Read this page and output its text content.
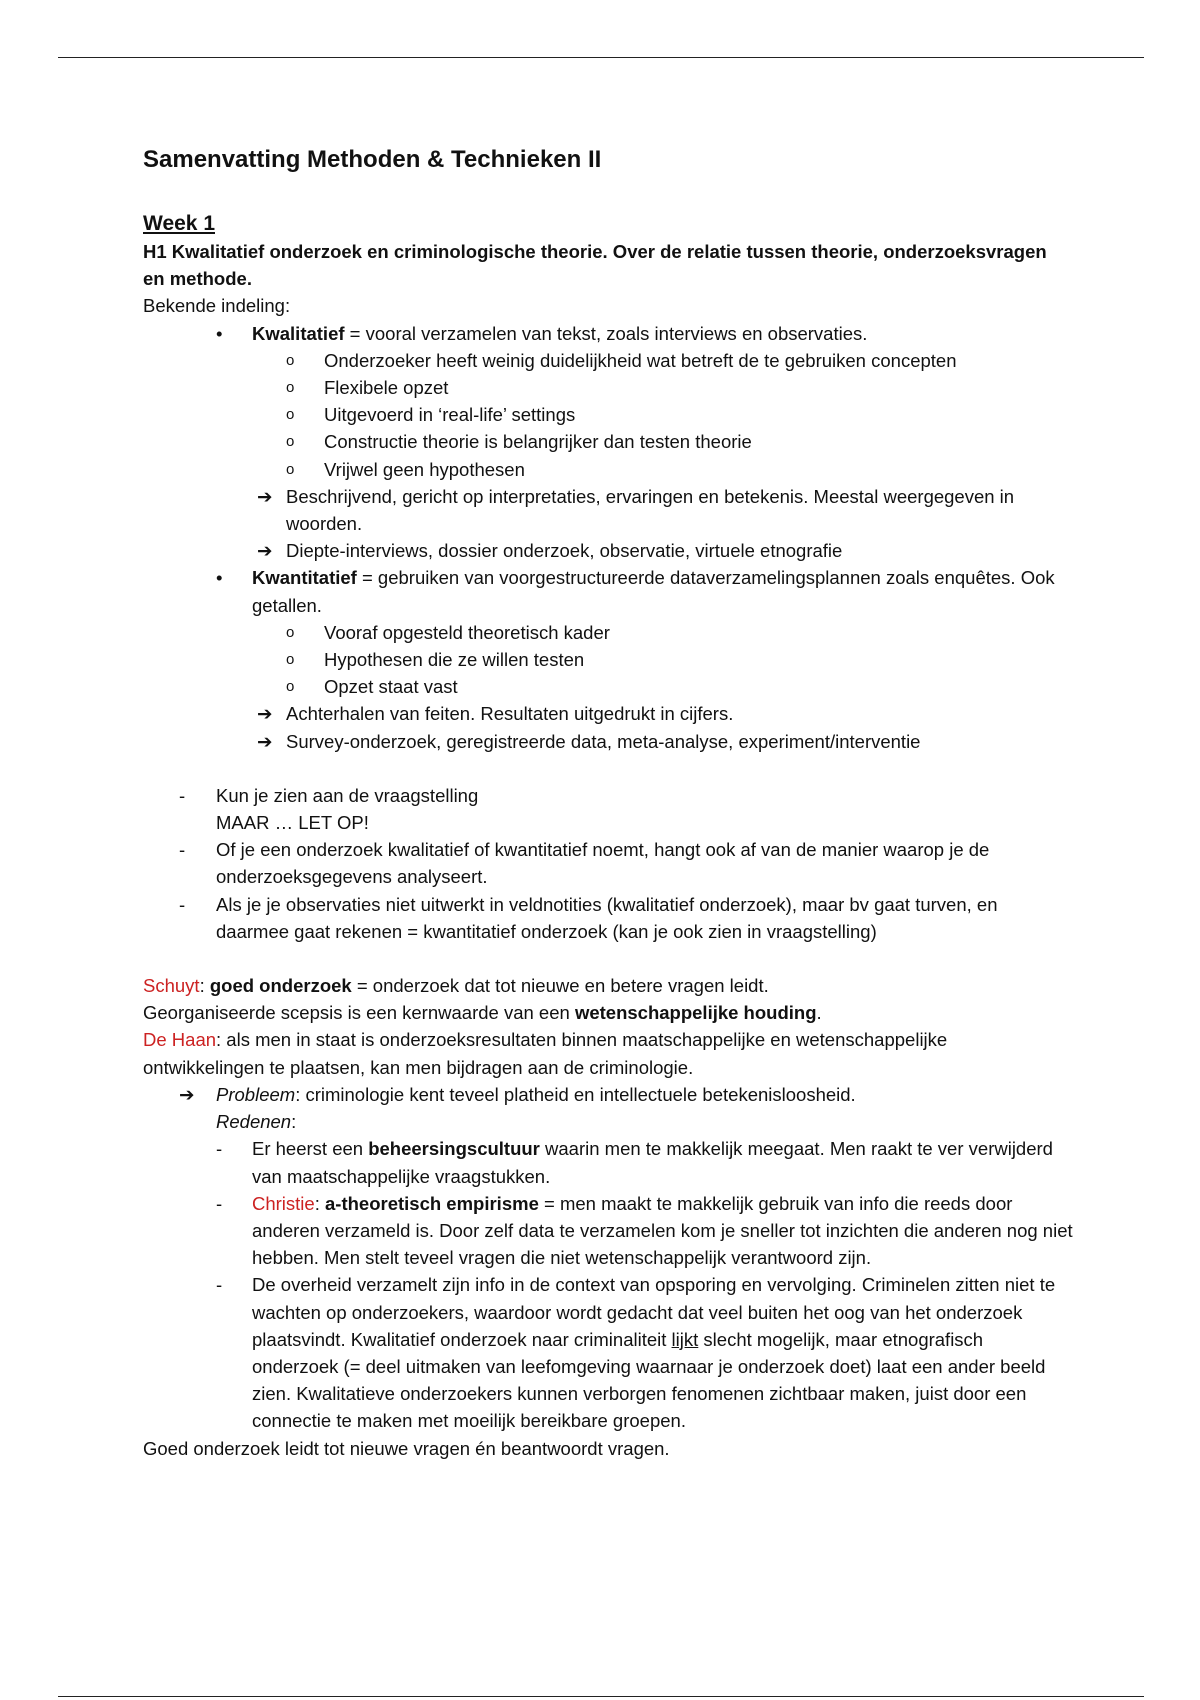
Samenvatting Methoden & Technieken II
Week 1
H1 Kwalitatief onderzoek en criminologische theorie. Over de relatie tussen theorie, onderzoeksvragen en methode.
Bekende indeling:
• Kwalitatief = vooral verzamelen van tekst, zoals interviews en observaties.
o Onderzoeker heeft weinig duidelijkheid wat betreft de te gebruiken concepten
o Flexibele opzet
o Uitgevoerd in ‘real-life’ settings
o Constructie theorie is belangrijker dan testen theorie
o Vrijwel geen hypothesen
➔ Beschrijvend, gericht op interpretaties, ervaringen en betekenis. Meestal weergegeven in woorden.
➔ Diepte-interviews, dossier onderzoek, observatie, virtuele etnografie
• Kwantitatief = gebruiken van voorgestructureerde dataverzamelingsplannen zoals enquêtes. Ook getallen.
o Vooraf opgesteld theoretisch kader
o Hypothesen die ze willen testen
o Opzet staat vast
➔ Achterhalen van feiten. Resultaten uitgedrukt in cijfers.
➔ Survey-onderzoek, geregistreerde data, meta-analyse, experiment/interventie
- Kun je zien aan de vraagstelling
MAAR … LET OP!
- Of je een onderzoek kwalitatief of kwantitatief noemt, hangt ook af van de manier waarop je de onderzoeksgegevens analyseert.
- Als je je observaties niet uitwerkt in veldnotities (kwalitatief onderzoek), maar bv gaat turven, en daarmee gaat rekenen = kwantitatief onderzoek (kan je ook zien in vraagstelling)
Schuyt: goed onderzoek = onderzoek dat tot nieuwe en betere vragen leidt.
Georganiseerde scepsis is een kernwaarde van een wetenschappelijke houding.
De Haan: als men in staat is onderzoeksresultaten binnen maatschappelijke en wetenschappelijke ontwikkelingen te plaatsen, kan men bijdragen aan de criminologie.
➔ Probleem: criminologie kent teveel platheid en intellectuele betekenisloosheid.
Redenen:
- Er heerst een beheersingscultuur waarin men te makkelijk meegaat. Men raakt te ver verwijderd van maatschappelijke vraagstukken.
- Christie: a-theoretisch empirisme = men maakt te makkelijk gebruik van info die reeds door anderen verzameld is. Door zelf data te verzamelen kom je sneller tot inzichten die anderen nog niet hebben. Men stelt teveel vragen die niet wetenschappelijk verantwoord zijn.
- De overheid verzamelt zijn info in de context van opsporing en vervolging. Criminelen zitten niet te wachten op onderzoekers, waardoor wordt gedacht dat veel buiten het oog van het onderzoek plaatsvindt. Kwalitatief onderzoek naar criminaliteit lijkt slecht mogelijk, maar etnografisch onderzoek (= deel uitmaken van leefomgeving waarnaar je onderzoek doet) laat een ander beeld zien. Kwalitatieve onderzoekers kunnen verborgen fenomenen zichtbaar maken, juist door een connectie te maken met moeilijk bereikbare groepen.
Goed onderzoek leidt tot nieuwe vragen én beantwoordt vragen.
